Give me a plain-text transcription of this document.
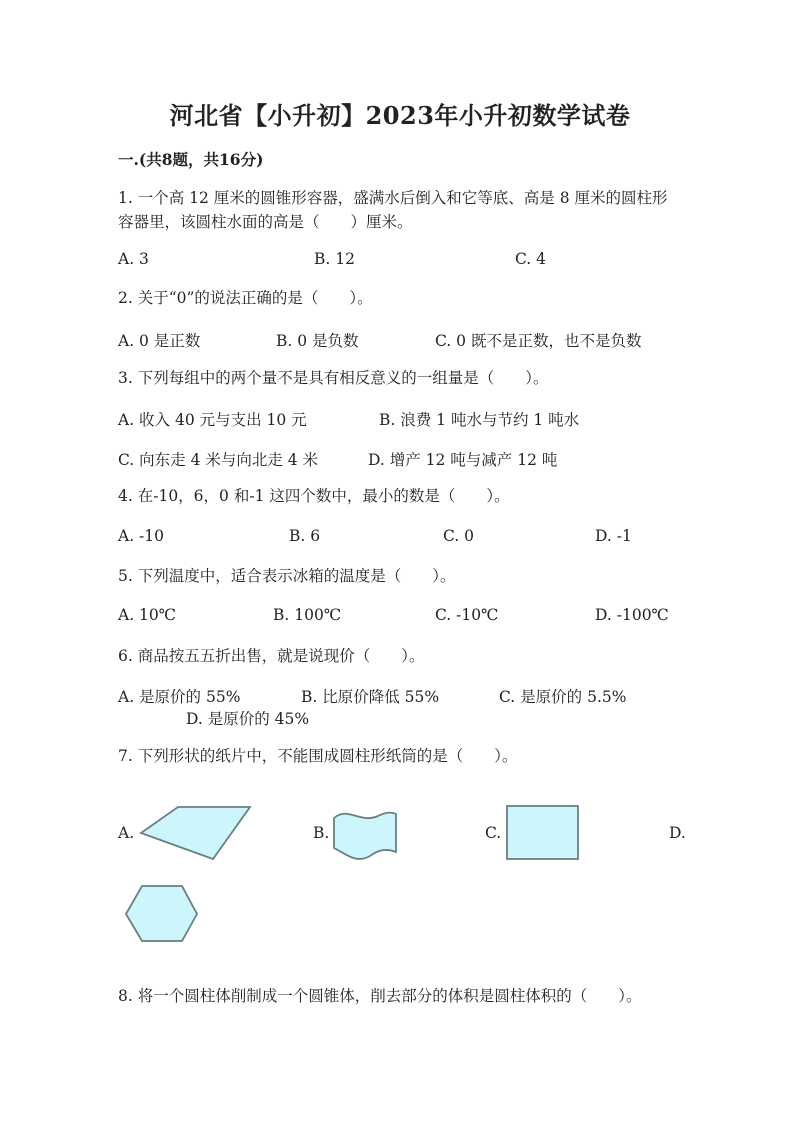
河北省【小升初】2023年小升初数学试卷
一.(共8题，共16分)
1. 一个高 12 厘米的圆锥形容器，盛满水后倒入和它等底、高是 8 厘米的圆柱形
容器里，该圆柱水面的高是（　　）厘米。
A. 3	B. 12	C. 4
2. 关于“0”的说法正确的是（　　）。
A. 0 是正数	B. 0 是负数	C. 0 既不是正数，也不是负数
3. 下列每组中的两个量不是具有相反意义的一组量是（　　）。
A. 收入 40 元与支出 10 元	B. 浪费 1 吨水与节约 1 吨水
C. 向东走 4 米与向北走 4 米	D. 增产 12 吨与减产 12 吨
4. 在-10，6，0 和-1 这四个数中，最小的数是（　　）。
A. -10	B. 6	C. 0	D. -1
5. 下列温度中，适合表示冰箱的温度是（　　）。
A. 10℃	B. 100℃	C. -10℃	D. -100℃
6. 商品按五五折出售，就是说现价（　　）。
A. 是原价的 55%	B. 比原价降低 55%	C. 是原价的 5.5%
D. 是原价的 45%
7. 下列形状的纸片中，不能围成圆柱形纸筒的是（　　）。
A.	B.	C.	D.
8. 将一个圆柱体削制成一个圆锥体，削去部分的体积是圆柱体积的（　　）。
